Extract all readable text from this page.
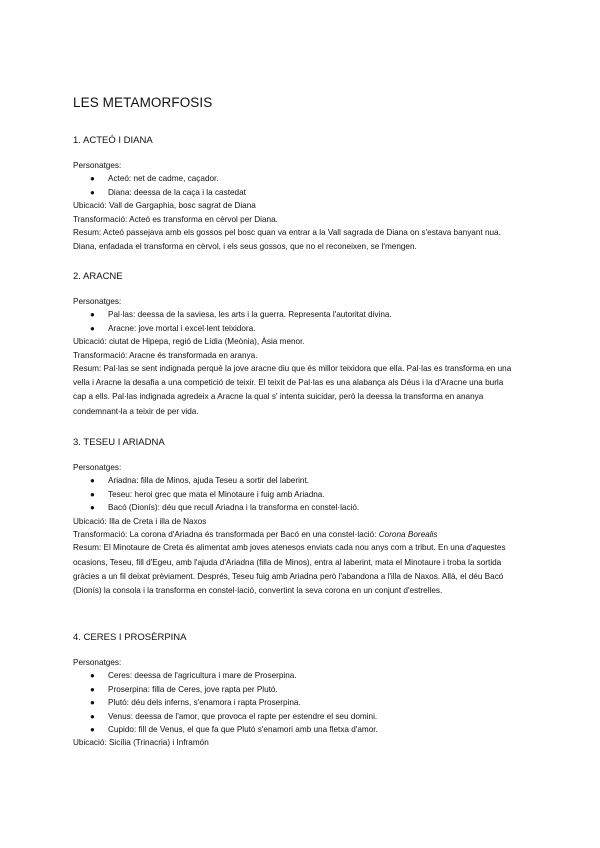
LES METAMORFOSIS
1. ACTEÓ I DIANA
Personatges:
● Acteó: net de cadme, caçador.
● Diana: deessa de la caça i la castedat
Ubicació: Vall de Gargaphia, bosc sagrat de Diana
Transformació: Acteó es transforma en cèrvol per Diana.
Resum: Acteó passejava amb els gossos pel bosc quan va entrar a la Vall sagrada de Diana on s'estava banyant nua. Diana, enfadada el transforma en cèrvol, i els seus gossos, que no el reconeixen, se l'mengen.
2. ARACNE
Personatges:
● Pal·las: deessa de la saviesa, les arts i la guerra. Representa l'autoritat divina.
● Aracne: jove mortal i excel·lent teixidora.
Ubicació: ciutat de Hipepa, regió de Lídia (Meònia), Àsia menor.
Transformació: Aracne és transformada en aranya.
Resum: Pal·las se sent indignada perquè la jove aracne diu que és millor teixidora que ella. Pal·las es transforma en una vella i Aracne la desafia a una competició de teixir. El teixit de Pal·las es una alabança als Déus i la d'Aracne una burla cap a ells. Pal·las indignada agredeix a Aracne la qual s' intenta suicidar, però la deessa la transforma en ananya condemnant-la a teixir de per vida.
3. TESEU I ARIADNA
Personatges:
● Ariadna: filla de Minos, ajuda Teseu a sortir del laberint.
● Teseu: heroi grec que mata el Minotaure i fuig amb Ariadna.
● Bacó (Dionís): déu que recull Ariadna i la transforma en constel·lació.
Ubicació: Illa de Creta i illa de Naxos
Transformació: La corona d'Ariadna és transformada per Bacó en una constel·lació: Corona Borealis
Resum: El Minotaure de Creta és alimentat amb joves atenesos enviats cada nou anys com a tribut. En una d'aquestes ocasions, Teseu, fill d'Egeu, amb l'ajuda d'Ariadna (filla de Minos), entra al laberint, mata el Minotaure i troba la sortida gràcies a un fil deixat prèviament. Després, Teseu fuig amb Ariadna però l'abandona a l'illa de Naxos. Allà, el déu Bacó (Dionís) la consola i la transforma en constel·lació, convertint la seva corona en un conjunt d'estrelles.
4. CERES I PROSÈRPINA
Personatges:
● Ceres: deessa de l'agricultura i mare de Proserpina.
● Proserpina: filla de Ceres, jove rapta per Plutó.
● Plutó: déu dels inferns, s'enamora i rapta Proserpina.
● Venus: deessa de l'amor, que provoca el rapte per estendre el seu domini.
● Cupido: fill de Venus, el que fa que Plutó s'enamori amb una fletxa d'amor.
Ubicació: Sicília (Trinacria) i Inframón
